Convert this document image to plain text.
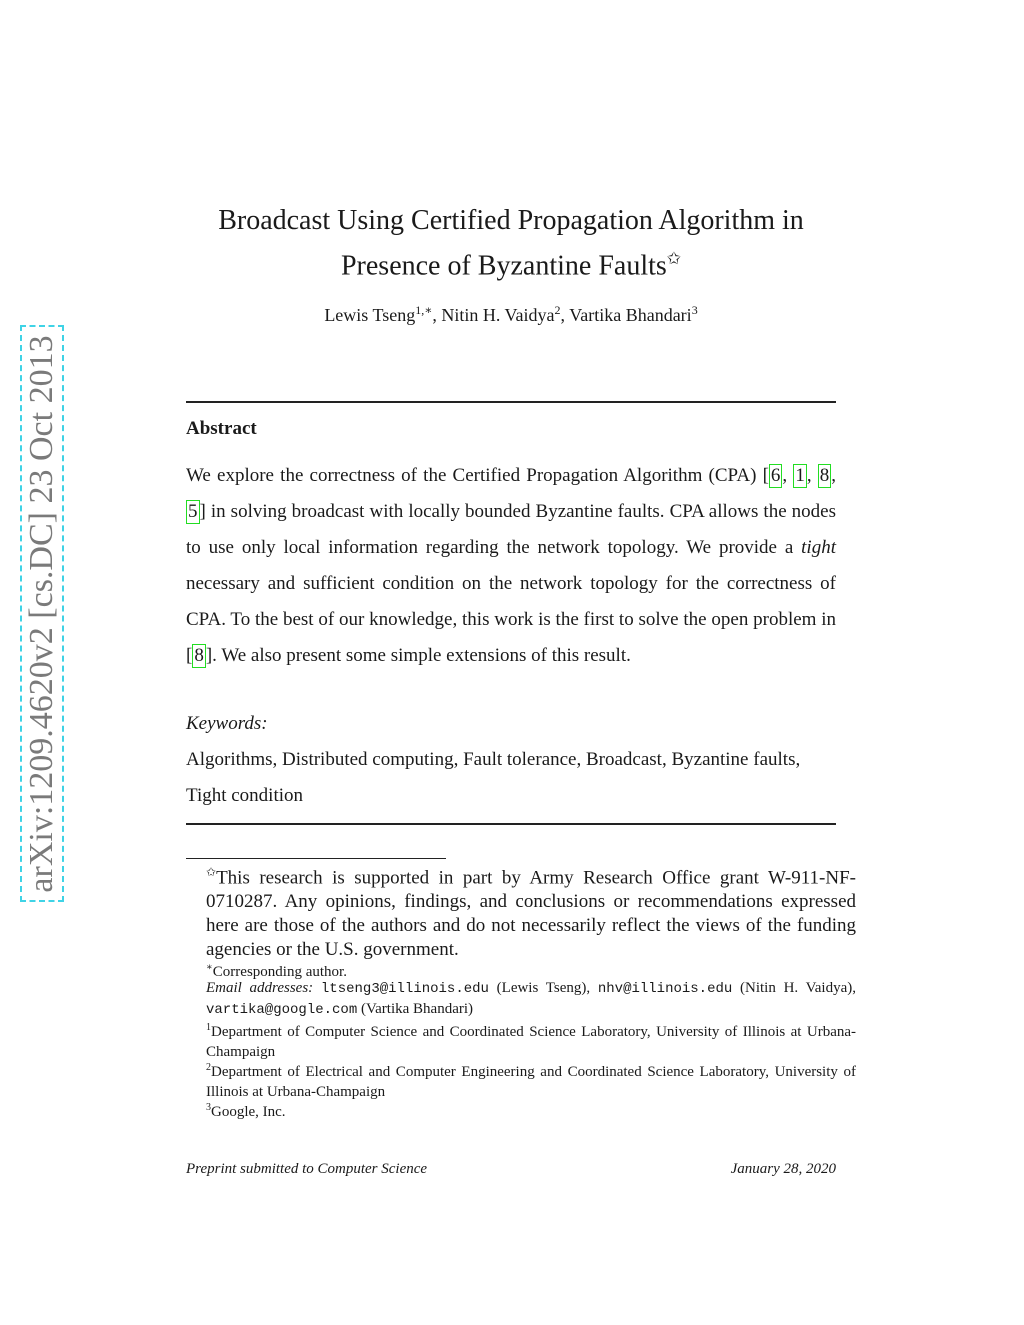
arXiv:1209.4620v2 [cs.DC] 23 Oct 2013
Broadcast Using Certified Propagation Algorithm in
Presence of Byzantine Faults✩
Lewis Tseng$^{1,∗}$, Nitin H. Vaidya$^2$, Vartika Bhandari$^3$
Abstract
We explore the correctness of the Certified Propagation Algorithm (CPA) [ 6 , 1 , 8 , 5 ] in solving broadcast with locally bounded Byzantine faults. CPA allows the nodes to use only local information regarding the network topology. We provide a tight necessary and sufficient condition on the network topology for the correctness of CPA. To the best of our knowledge, this work is the first to solve the open problem in [ 8 ]. We also present some simple extensions of this result.
Keywords:
Algorithms, Distributed computing, Fault tolerance, Broadcast, Byzantine faults, Tight condition
✩This research is supported in part by Army Research Office grant W-911-NF-0710287. Any opinions, findings, and conclusions or recommendations expressed here are those of the authors and do not necessarily reflect the views of the funding agencies or the U.S. government.
∗Corresponding author.
Email addresses: ltseng3@illinois.edu (Lewis Tseng), nhv@illinois.edu (Nitin H. Vaidya), vartika@google.com (Vartika Bhandari)
$^1$Department of Computer Science and Coordinated Science Laboratory, University of Illinois at Urbana-Champaign
$^2$Department of Electrical and Computer Engineering and Coordinated Science Laboratory, University of Illinois at Urbana-Champaign
$^3$Google, Inc.
Preprint submitted to Computer Science	January 28, 2020
